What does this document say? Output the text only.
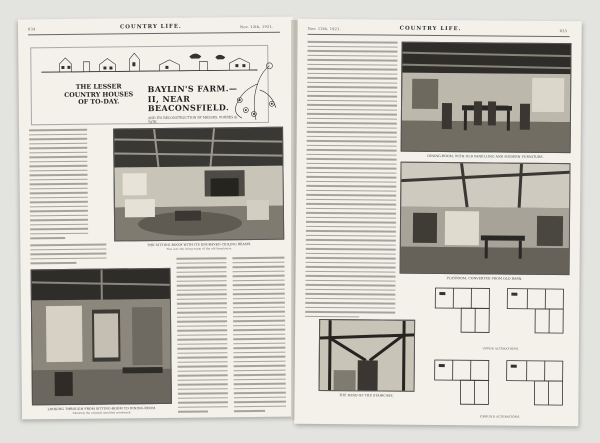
634	COUNTRY LIFE.	Nov. 12th, 1921.
THE LESSER COUNTRY HOUSES OF TO-DAY.
BAYLIN'S FARM.—II, NEAR BEACONSFIELD.
AND ITS RECONSTRUCTION BY MESSRS. FORBES & TATE.
THE SITTING-ROOM WITH ITS ENGRAVED CEILING BEAMS.
This was the living-room of the old farmhouse.
LOOKING THROUGH FROM SITTING-ROOM TO DINING-ROOM.
Showing the original moulded woodwork.
Nov. 12th, 1921.	COUNTRY LIFE.	635
DINING-ROOM, WITH OLD PANELLING AND MODERN FURNITURE.
PLAYROOM, CONVERTED FROM OLD BARN.
THE HEAD OF THE STAIRCASE.
UPPER ALTERATIONS.
GROUND ALTERATIONS.
